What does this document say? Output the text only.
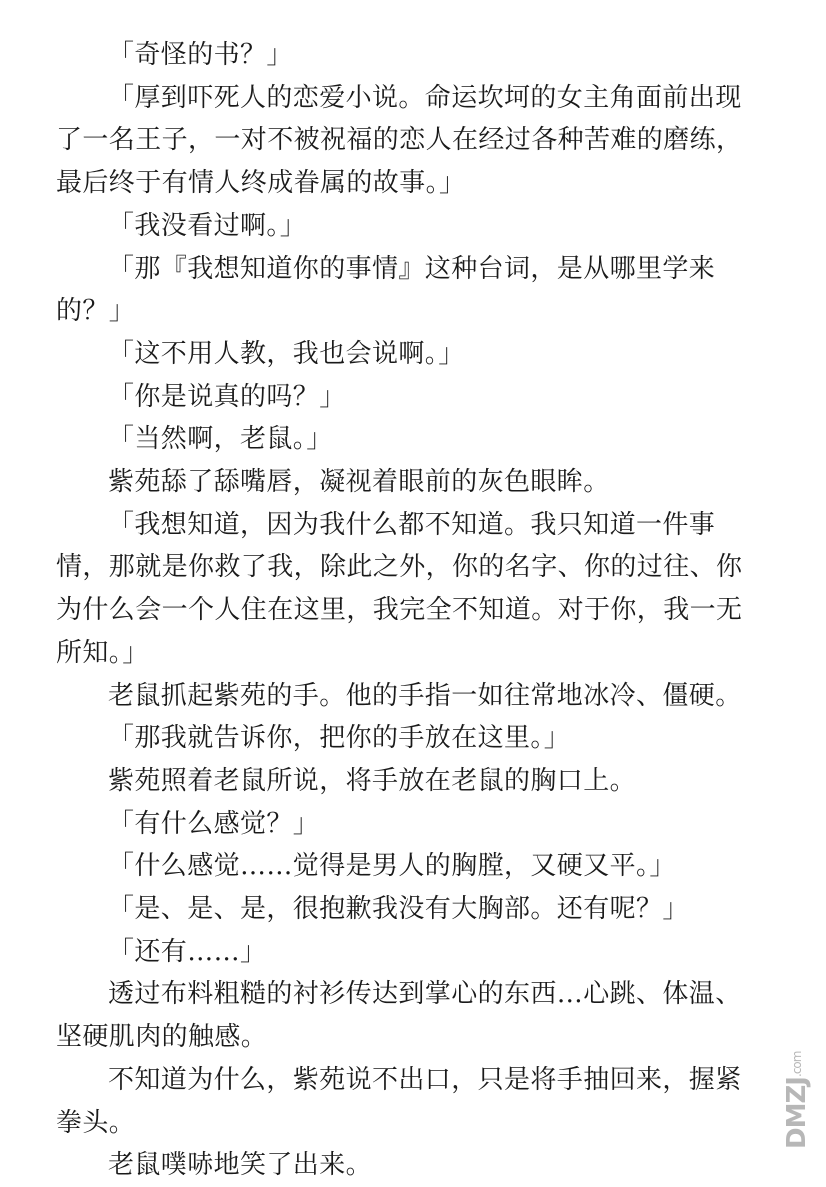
「奇怪的书？」

「厚到吓死人的恋爱小说。命运坎坷的女主角面前出现了一名王子，一对不被祝福的恋人在经过各种苦难的磨练，最后终于有情人终成眷属的故事。」

「我没看过啊。」

「那『我想知道你的事情』这种台词，是从哪里学来的？」

「这不用人教，我也会说啊。」

「你是说真的吗？」

「当然啊，老鼠。」

紫苑舔了舔嘴唇，凝视着眼前的灰色眼眸。

「我想知道，因为我什么都不知道。我只知道一件事情，那就是你救了我，除此之外，你的名字、你的过往、你为什么会一个人住在这里，我完全不知道。对于你，我一无所知。」

老鼠抓起紫苑的手。他的手指一如往常地冰冷、僵硬。

「那我就告诉你，把你的手放在这里。」

紫苑照着老鼠所说，将手放在老鼠的胸口上。

「有什么感觉？」

「什么感觉……觉得是男人的胸膛，又硬又平。」

「是、是、是，很抱歉我没有大胸部。还有呢？」

「还有……」

透过布料粗糙的衬衫传达到掌心的东西…心跳、体温、坚硬肌肉的触感。

不知道为什么，紫苑说不出口，只是将手抽回来，握紧拳头。

老鼠噗哧地笑了出来。

DMZJ
.com
